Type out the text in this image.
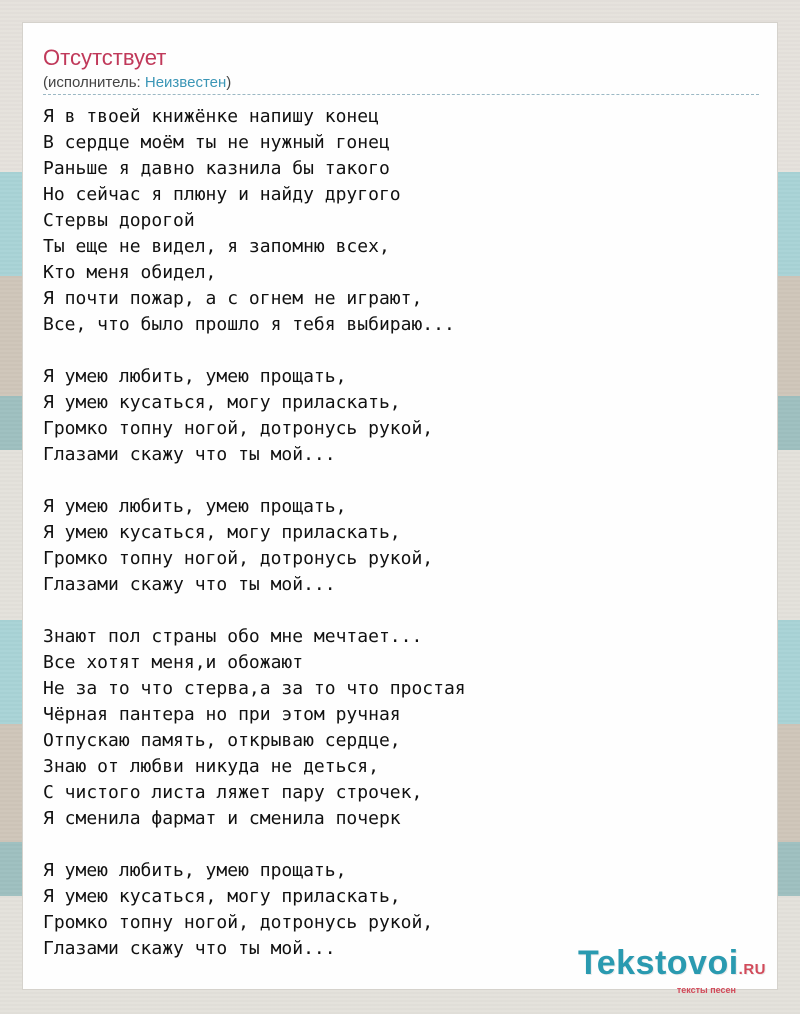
Отсутствует
(исполнитель: Неизвестен)
Я в твоей книжёнке напишу конец
В сердце моём ты не нужный гонец
Раньше я давно казнила бы такого
Но сейчас я плюну и найду другого
Стервы дорогой
Ты еще не видел, я запомню всех,
Кто меня обидел,
Я почти пожар, а с огнем не играют,
Все, что было прошло я тебя выбираю...

Я умею любить, умею прощать,
Я умею кусаться, могу приласкать,
Громко топну ногой, дотронусь рукой,
Глазами скажу что ты мой...

Я умею любить, умею прощать,
Я умею кусаться, могу приласкать,
Громко топну ногой, дотронусь рукой,
Глазами скажу что ты мой...

Знают пол страны обо мне мечтает...
Все хотят меня,и обожают
Не за то что стерва,а за то что простая
Чёрная пантера но при этом ручная
Отпускаю память, открываю сердце,
Знаю от любви никуда не деться,
С чистого листа ляжет пару строчек,
Я сменила фармат и сменила почерк

Я умею любить, умею прощать,
Я умею кусаться, могу приласкать,
Громко топну ногой, дотронусь рукой,
Глазами скажу что ты мой...	Tekstovoi.RU
тексты песен
